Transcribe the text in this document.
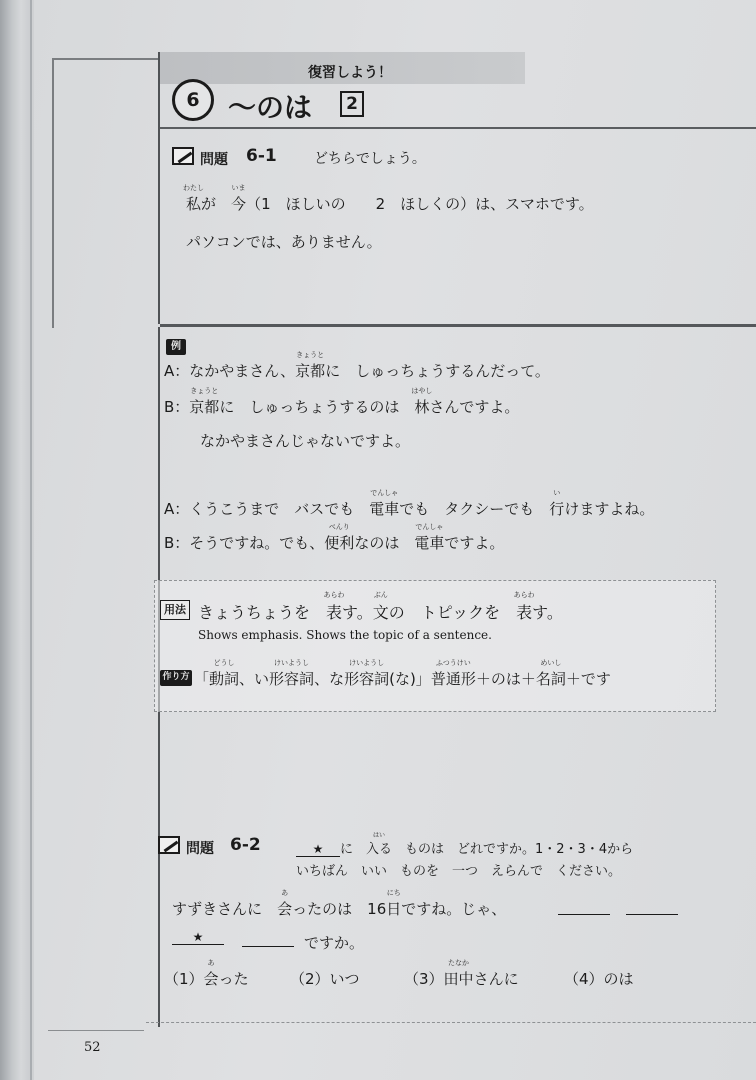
復習しよう！
6	〜のは	2
問題 6-1	どちらでしょう。
私
わたし
が　 今
いま
（1　ほしいの　　2　ほしくの）は、スマホです。
パソコンでは、ありません。
例
A：なかやまさん、京都
きょうと
に　しゅっちょうするんだって。
B：京都
きょうと
に　しゅっちょうするのは　林
はやし
さんですよ。
なかやまさんじゃないですよ。
A：くうこうまで　バスでも　電車
でんしゃ
でも　タクシーでも　行
い
けますよね。
B：そうですね。でも、便利
べんり
なのは　電車
でんしゃ
ですよ。
用法 きょうちょうを　表
あらわ
す。文
ぶん
の　トピックを　表
あらわ
す。
Shows emphasis. Shows the topic of a sentence.
作り方 「動詞
どうし
、い形容詞
けいようし
、な形容詞
けいようし
(な)」普通形
ふつうけい
＋のは＋名詞
めいし
＋です
問題 6-2	★ に　入る　ものは　どれですか。1・2・3・4から
はい
いちばん　いい　ものを　一つ　えらんで　ください。
すずきさんに　会
あ
ったのは　16日
にち
ですね。じゃ、
★	ですか。
（1）会
あ
った	（2）いつ	（3）田中
たなか
さんに	（4）のは
52
